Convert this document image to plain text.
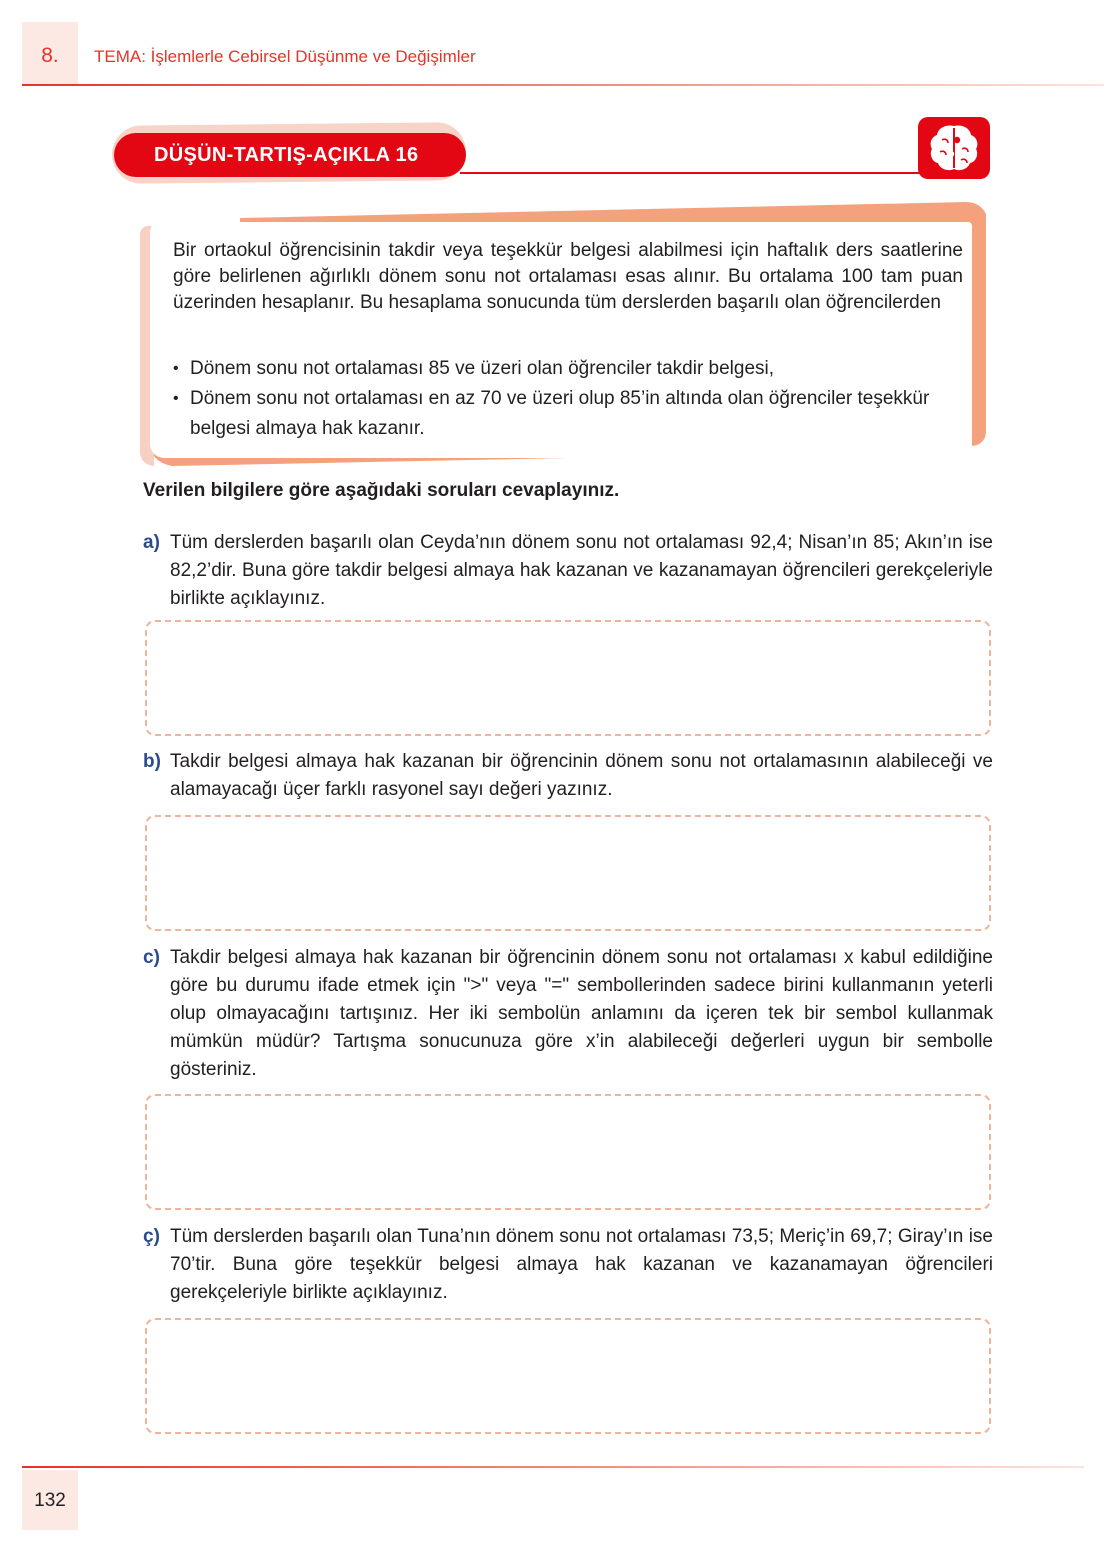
8.	TEMA: İşlemlerle Cebirsel Düşünme ve Değişimler
DÜŞÜN-TARTIŞ-AÇIKLA 16
Bir ortaokul öğrencisinin takdir veya teşekkür belgesi alabilmesi için haftalık ders saatlerine göre belirlenen ağırlıklı dönem sonu not ortalaması esas alınır. Bu ortalama 100 tam puan üzerinden hesaplanır. Bu hesaplama sonucunda tüm derslerden başarılı olan öğrencilerden
• Dönem sonu not ortalaması 85 ve üzeri olan öğrenciler takdir belgesi,
• Dönem sonu not ortalaması en az 70 ve üzeri olup 85’in altında olan öğrenciler teşekkür belgesi almaya hak kazanır.
Verilen bilgilere göre aşağıdaki soruları cevaplayınız.
a) Tüm derslerden başarılı olan Ceyda’nın dönem sonu not ortalaması 92,4; Nisan’ın 85; Akın’ın ise 82,2’dir. Buna göre takdir belgesi almaya hak kazanan ve kazanamayan öğrencileri gerekçeleriyle birlikte açıklayınız.
b) Takdir belgesi almaya hak kazanan bir öğrencinin dönem sonu not ortalamasının alabileceği ve alamayacağı üçer farklı rasyonel sayı değeri yazınız.
c) Takdir belgesi almaya hak kazanan bir öğrencinin dönem sonu not ortalaması x kabul edildiğine göre bu durumu ifade etmek için ">" veya "=" sembollerinden sadece birini kullanmanın yeterli olup olmayacağını tartışınız. Her iki sembolün anlamını da içeren tek bir sembol kullanmak mümkün müdür? Tartışma sonucunuza göre x’in alabileceği değerleri uygun bir sembolle gösteriniz.
ç) Tüm derslerden başarılı olan Tuna’nın dönem sonu not ortalaması 73,5; Meriç’in 69,7; Giray’ın ise 70’tir. Buna göre teşekkür belgesi almaya hak kazanan ve kazanamayan öğrencileri gerekçeleriyle birlikte açıklayınız.
132
